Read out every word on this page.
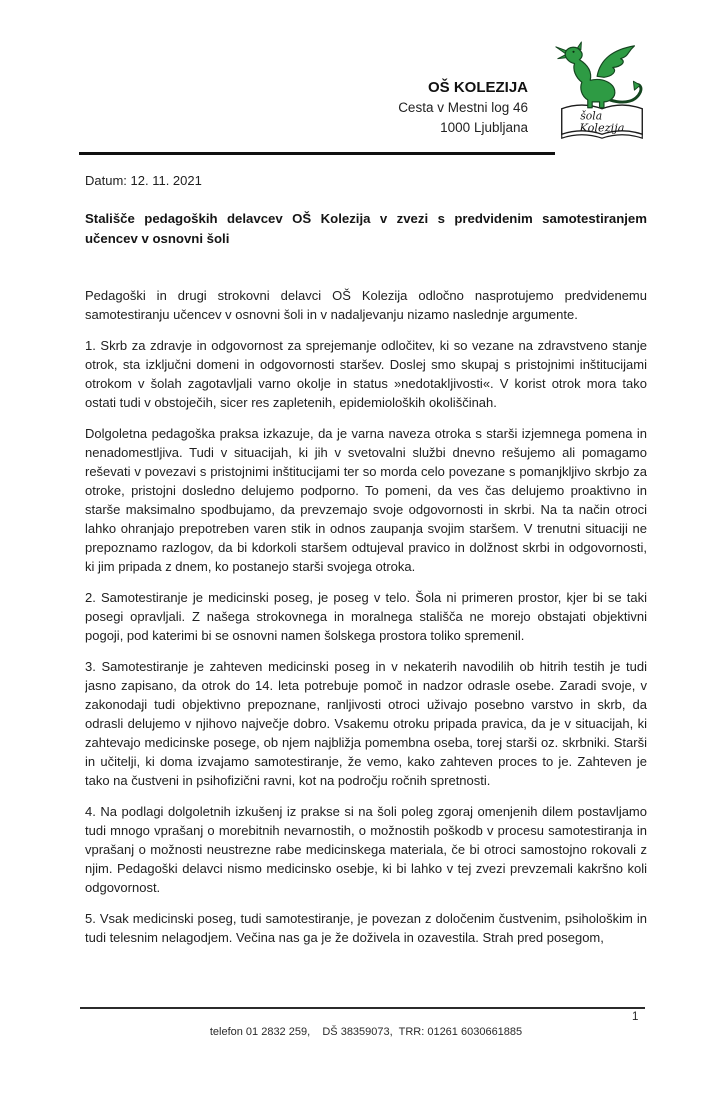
OŠ KOLEZIJA
Cesta v Mestni log 46
1000 Ljubljana
šola
Kolezija
Datum: 12. 11. 2021
Stališče pedagoških delavcev OŠ Kolezija v zvezi s predvidenim samotestiranjem učencev v osnovni šoli

Pedagoški in drugi strokovni delavci OŠ Kolezija odločno nasprotujemo predvidenemu samotestiranju učencev v osnovni šoli in v nadaljevanju nizamo naslednje argumente.

1. Skrb za zdravje in odgovornost za sprejemanje odločitev, ki so vezane na zdravstveno stanje otrok, sta izključni domeni in odgovornosti staršev. Doslej smo skupaj s pristojnimi inštitucijami otrokom v šolah zagotavljali varno okolje in status »nedotakljivosti«. V korist otrok mora tako ostati tudi v obstoječih, sicer res zapletenih, epidemioloških okoliščinah.

Dolgoletna pedagoška praksa izkazuje, da je varna naveza otroka s starši izjemnega pomena in nenadomestljiva. Tudi v situacijah, ki jih v svetovalni službi dnevno rešujemo ali pomagamo reševati v povezavi s pristojnimi inštitucijami ter so morda celo povezane s pomanjkljivo skrbjo za otroke, pristojni dosledno delujemo podporno. To pomeni, da ves čas delujemo proaktivno in starše maksimalno spodbujamo, da prevzemajo svoje odgovornosti in skrbi. Na ta način otroci lahko ohranjajo prepotreben varen stik in odnos zaupanja svojim staršem. V trenutni situaciji ne prepoznamo razlogov, da bi kdorkoli staršem odtujeval pravico in dolžnost skrbi in odgovornosti, ki jim pripada z dnem, ko postanejo starši svojega otroka.

2. Samotestiranje je medicinski poseg, je poseg v telo. Šola ni primeren prostor, kjer bi se taki posegi opravljali. Z našega strokovnega in moralnega stališča ne morejo obstajati objektivni pogoji, pod katerimi bi se osnovni namen šolskega prostora toliko spremenil.

3. Samotestiranje je zahteven medicinski poseg in v nekaterih navodilih ob hitrih testih je tudi jasno zapisano, da otrok do 14. leta potrebuje pomoč in nadzor odrasle osebe. Zaradi svoje, v zakonodaji tudi objektivno prepoznane, ranljivosti otroci uživajo posebno varstvo in skrb, da odrasli delujemo v njihovo največje dobro. Vsakemu otroku pripada pravica, da je v situacijah, ki zahtevajo medicinske posege, ob njem najbližja pomembna oseba, torej starši oz. skrbniki. Starši in učitelji, ki doma izvajamo samotestiranje, že vemo, kako zahteven proces to je. Zahteven je tako na čustveni in psihofizični ravni, kot na področju ročnih spretnosti.

4. Na podlagi dolgoletnih izkušenj iz prakse si na šoli poleg zgoraj omenjenih dilem postavljamo tudi mnogo vprašanj o morebitnih nevarnostih, o možnostih poškodb v procesu samotestiranja in vprašanj o možnosti neustrezne rabe medicinskega materiala, če bi otroci samostojno rokovali z njim. Pedagoški delavci nismo medicinsko osebje, ki bi lahko v tej zvezi prevzemali kakršno koli odgovornost.

5. Vsak medicinski poseg, tudi samotestiranje, je povezan z določenim čustvenim, psihološkim in tudi telesnim nelagodjem. Večina nas ga je že doživela in ozavestila. Strah pred posegom,

1
telefon 01 2832 259,    DŠ 38359073,  TRR: 01261 6030661885
